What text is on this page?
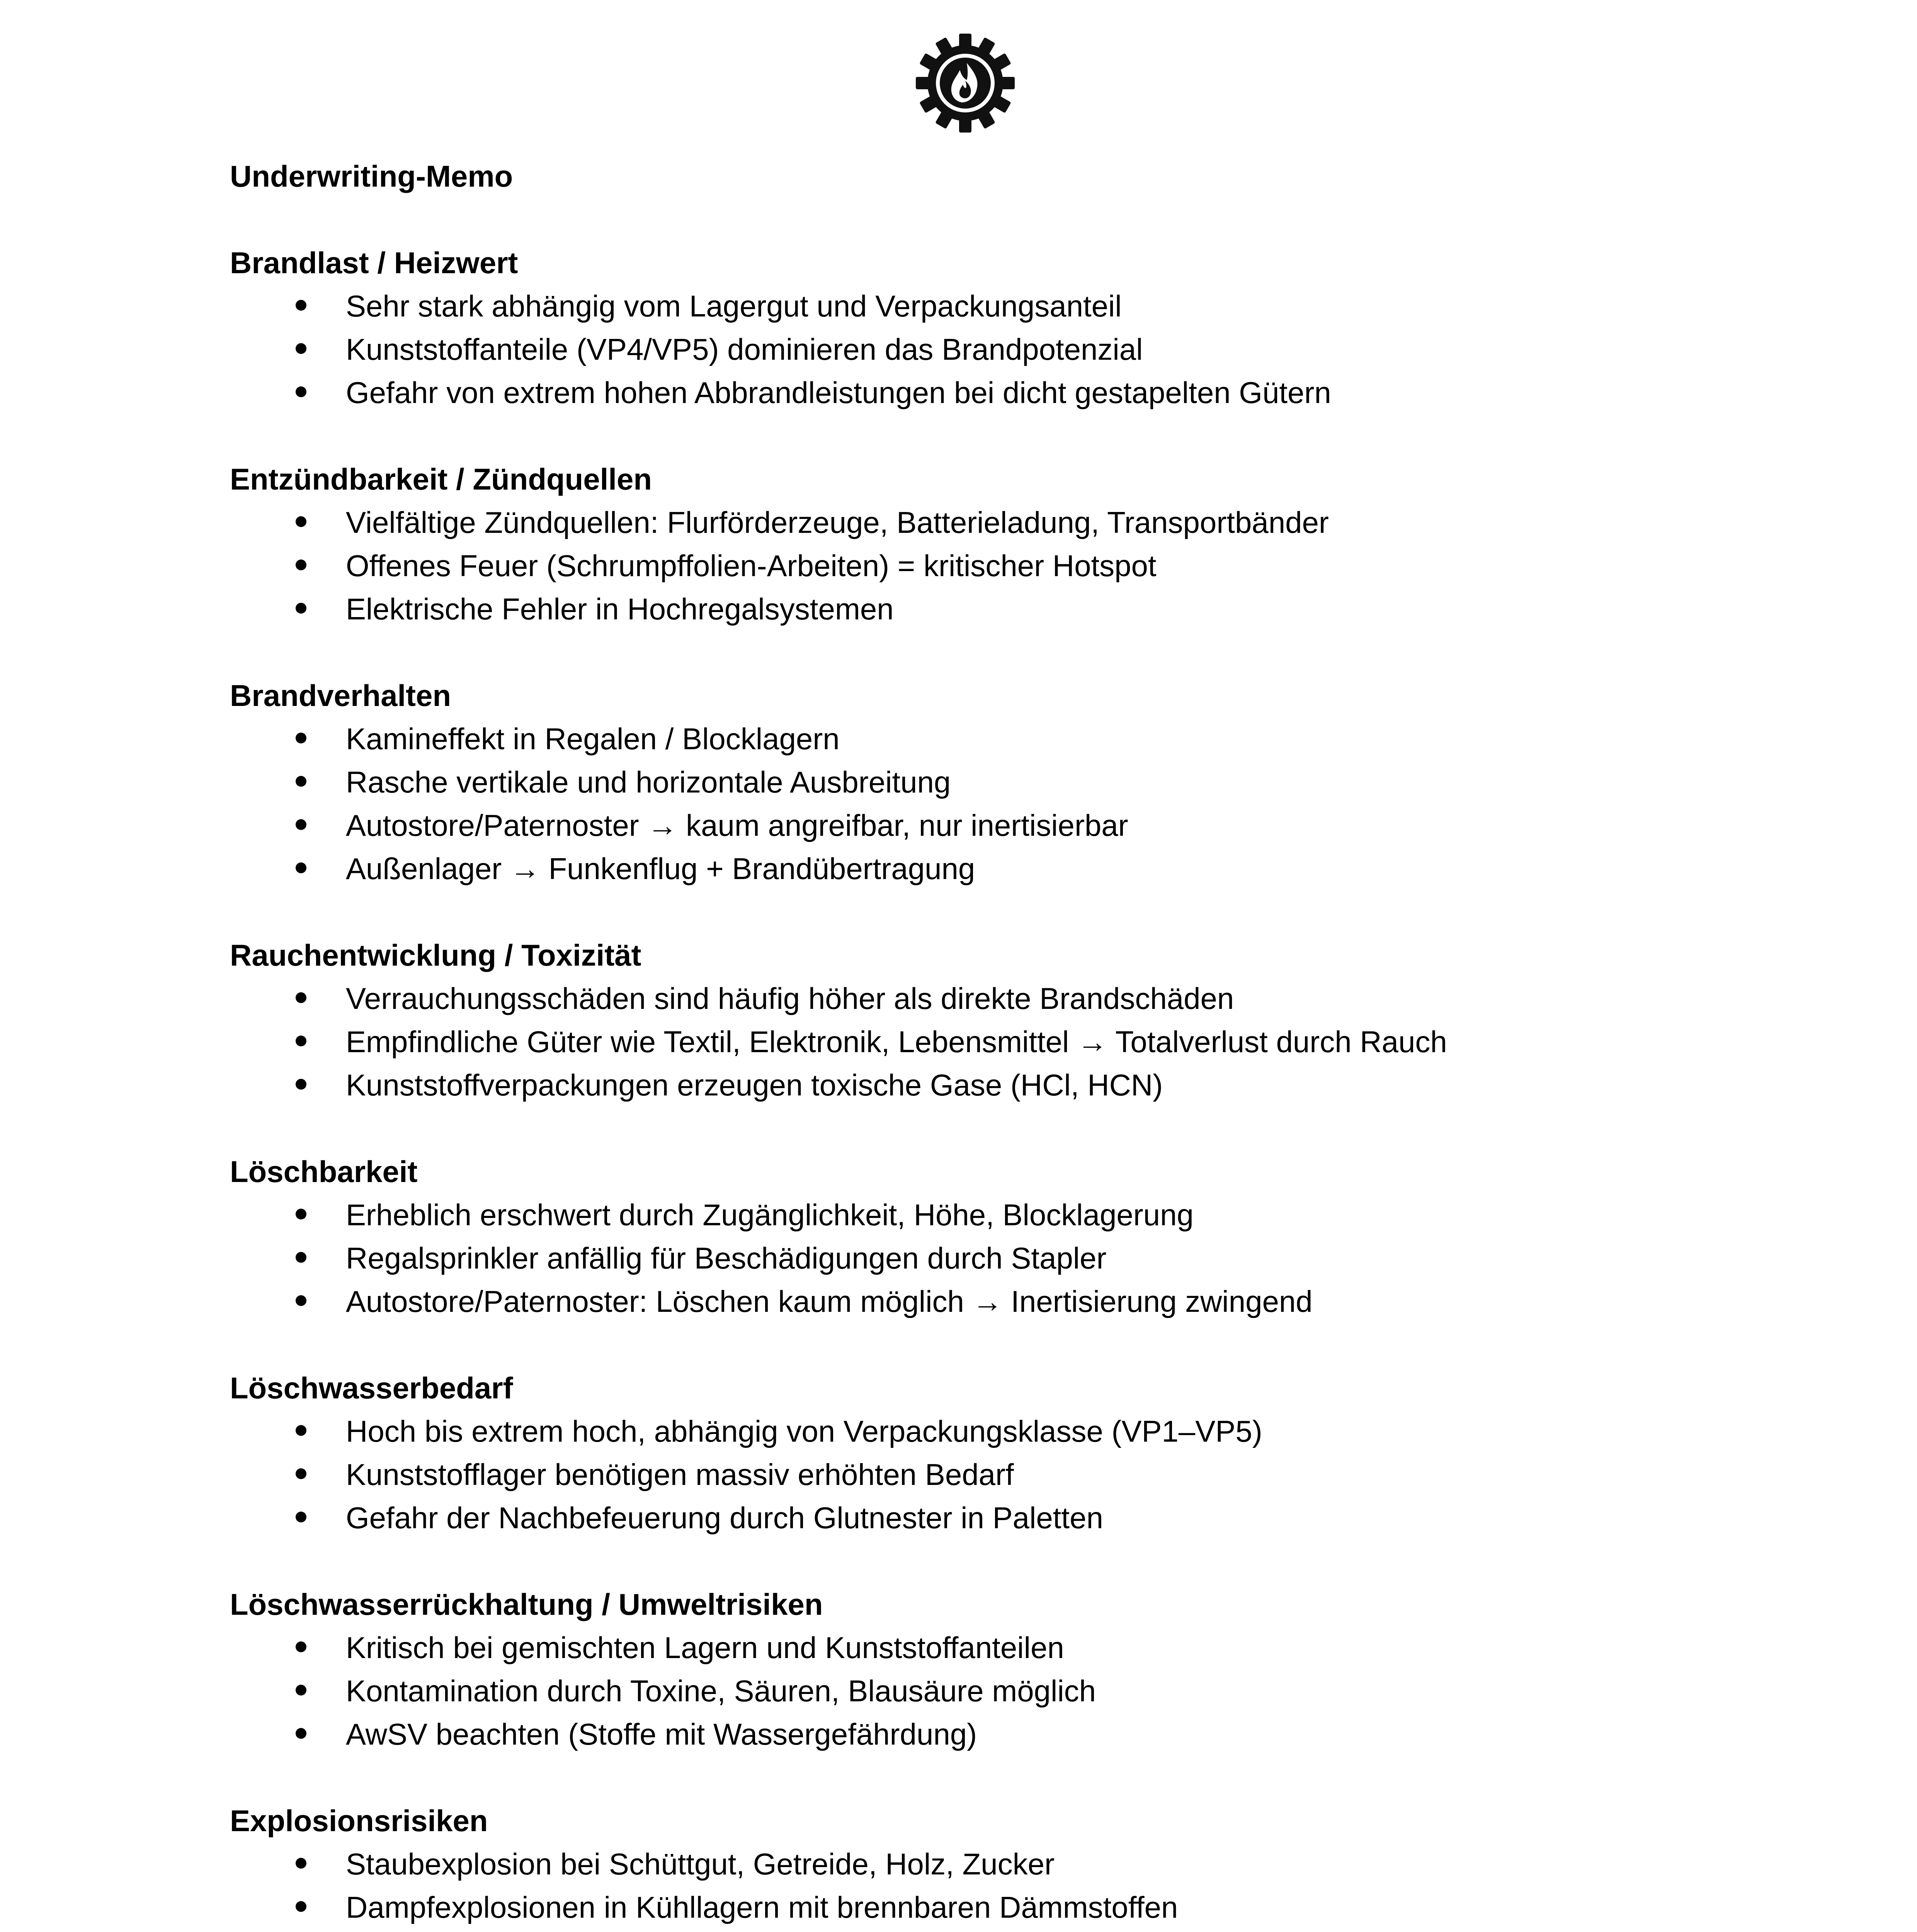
Underwriting-Memo
Brandlast / Heizwert
Sehr stark abhängig vom Lagergut und Verpackungsanteil
Kunststoffanteile (VP4/VP5) dominieren das Brandpotenzial
Gefahr von extrem hohen Abbrandleistungen bei dicht gestapelten Gütern
Entzündbarkeit / Zündquellen
Vielfältige Zündquellen: Flurförderzeuge, Batterieladung, Transportbänder
Offenes Feuer (Schrumpffolien-Arbeiten) = kritischer Hotspot
Elektrische Fehler in Hochregalsystemen
Brandverhalten
Kamineffekt in Regalen / Blocklagern
Rasche vertikale und horizontale Ausbreitung
Autostore/Paternoster → kaum angreifbar, nur inertisierbar
Außenlager → Funkenflug + Brandübertragung
Rauchentwicklung / Toxizität
Verrauchungsschäden sind häufig höher als direkte Brandschäden
Empfindliche Güter wie Textil, Elektronik, Lebensmittel → Totalverlust durch Rauch
Kunststoffverpackungen erzeugen toxische Gase (HCl, HCN)
Löschbarkeit
Erheblich erschwert durch Zugänglichkeit, Höhe, Blocklagerung
Regalsprinkler anfällig für Beschädigungen durch Stapler
Autostore/Paternoster: Löschen kaum möglich → Inertisierung zwingend
Löschwasserbedarf
Hoch bis extrem hoch, abhängig von Verpackungsklasse (VP1–VP5)
Kunststofflager benötigen massiv erhöhten Bedarf
Gefahr der Nachbefeuerung durch Glutnester in Paletten
Löschwasserrückhaltung / Umweltrisiken
Kritisch bei gemischten Lagern und Kunststoffanteilen
Kontamination durch Toxine, Säuren, Blausäure möglich
AwSV beachten (Stoffe mit Wassergefährdung)
Explosionsrisiken
Staubexplosion bei Schüttgut, Getreide, Holz, Zucker
Dampfexplosionen in Kühllagern mit brennbaren Dämmstoffen
